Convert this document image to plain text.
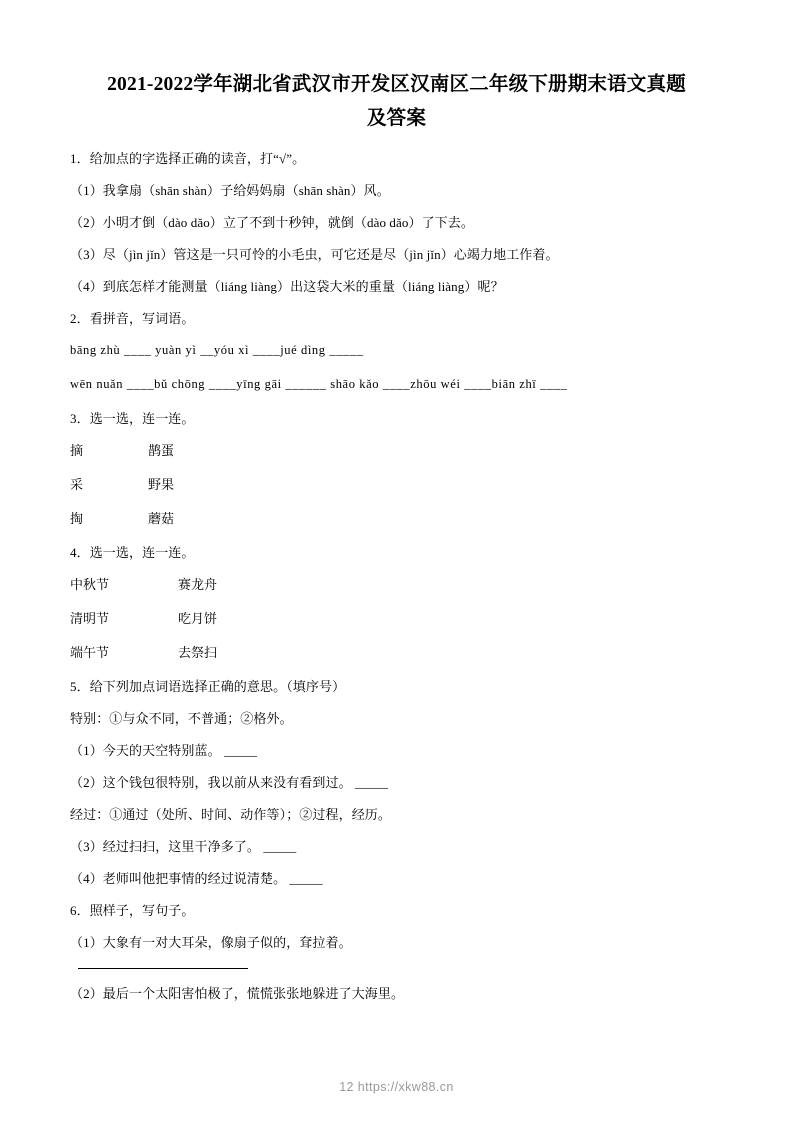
2021-2022学年湖北省武汉市开发区汉南区二年级下册期末语文真题
及答案

1．给加点的字选择正确的读音，打“√”。

（1）我拿扇（shān shàn）子给妈妈扇（shān shàn）风。

（2）小明才倒（dào dǎo）立了不到十秒钟，就倒（dào dǎo）了下去。

（3）尽（jìn jǐn）管这是一只可怜的小毛虫，可它还是尽（jìn jǐn）心竭力地工作着。

（4）到底怎样才能测量（liáng liàng）出这袋大米的重量（liáng liàng）呢？

2．看拼音，写词语。

bāng zhù ____ yuàn yì __yóu xì ____jué dìng _____

wēn nuǎn ____bǔ chōng ____yīng gāi ______ shāo kǎo ____zhōu wéi ____biān zhī ____

3．选一选，连一连。

摘	鹊蛋
采	野果
掏	蘑菇

4．选一选，连一连。

中秋节	赛龙舟
清明节	吃月饼
端午节	去祭扫

5．给下列加点词语选择正确的意思。（填序号）

特别：①与众不同，不普通；②格外。

（1）今天的天空特别蓝。 _____

（2）这个钱包很特别，我以前从来没有看到过。 _____

经过：①通过（处所、时间、动作等）；②过程，经历。

（3）经过扫扫，这里干净多了。 _____

（4）老师叫他把事情的经过说清楚。 _____

6．照样子，写句子。

（1）大象有一对大耳朵，像扇子似的，耷拉着。

（2）最后一个太阳害怕极了，慌慌张张地躲进了大海里。

12 https://xkw88.cn
